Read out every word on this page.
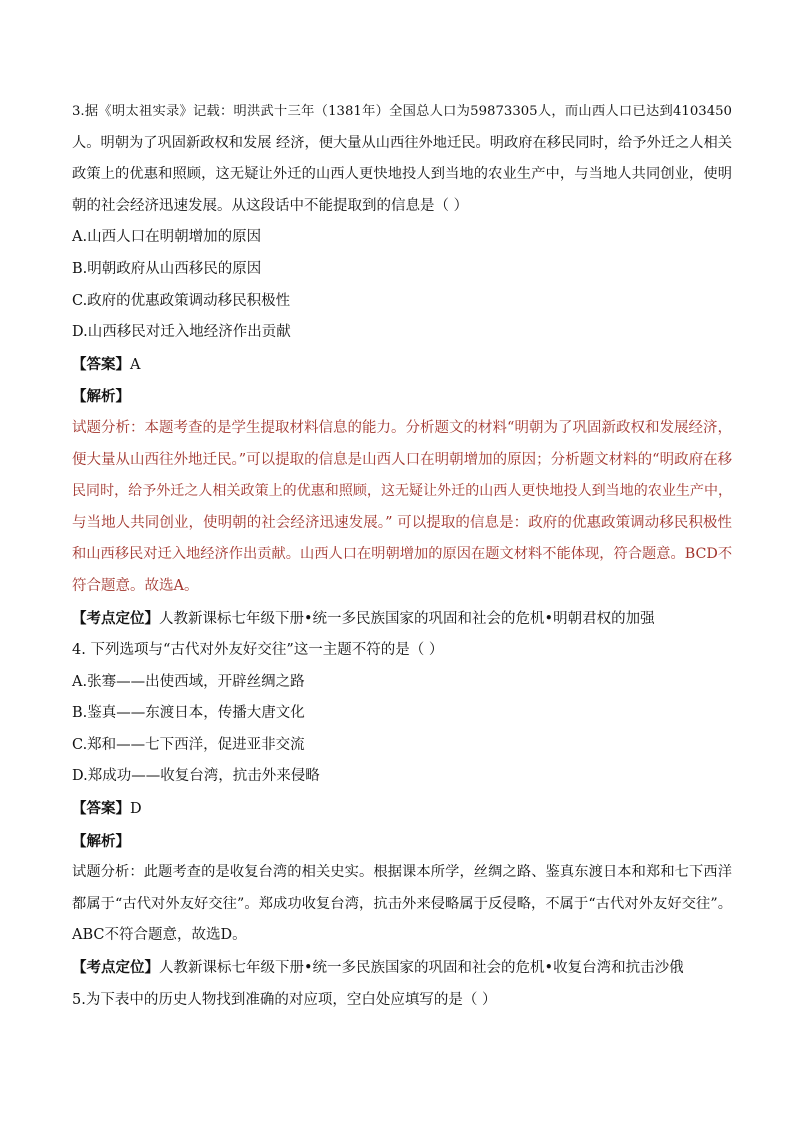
3.据《明太祖实录》记载：明洪武十三年（1381年）全国总人口为59873305人，而山西人口已达到4103450
人。明朝为了巩固新政权和发展 经济，便大量从山西往外地迁民。明政府在移民同时，给予外迁之人相关
政策上的优惠和照顾，这无疑让外迁的山西人更快地投人到当地的农业生产中，与当地人共同创业，使明
朝的社会经济迅速发展。从这段话中不能提取到的信息是（ ）
A.山西人口在明朝增加的原因
B.明朝政府从山西移民的原因
C.政府的优惠政策调动移民积极性
D.山西移民对迁入地经济作出贡献
【答案】A
【解析】
试题分析：本题考查的是学生提取材料信息的能力。分析题文的材料“明朝为了巩固新政权和发展经济，
便大量从山西往外地迁民。”可以提取的信息是山西人口在明朝增加的原因；分析题文材料的“明政府在移
民同时，给予外迁之人相关政策上的优惠和照顾，这无疑让外迁的山西人更快地投人到当地的农业生产中，
与当地人共同创业，使明朝的社会经济迅速发展。” 可以提取的信息是：政府的优惠政策调动移民积极性
和山西移民对迁入地经济作出贡献。山西人口在明朝增加的原因在题文材料不能体现，符合题意。BCD不
符合题意。故选A。
【考点定位】人教新课标七年级下册•统一多民族国家的巩固和社会的危机•明朝君权的加强
4. 下列选项与“古代对外友好交往”这一主题不符的是（ ）
A.张骞——出使西域，开辟丝绸之路
B.鉴真——东渡日本，传播大唐文化
C.郑和——七下西洋，促进亚非交流
D.郑成功——收复台湾，抗击外来侵略
【答案】D
【解析】
试题分析：此题考查的是收复台湾的相关史实。根据课本所学，丝绸之路、鉴真东渡日本和郑和七下西洋
都属于“古代对外友好交往”。郑成功收复台湾，抗击外来侵略属于反侵略，不属于“古代对外友好交往”。
ABC不符合题意，故选D。
【考点定位】人教新课标七年级下册•统一多民族国家的巩固和社会的危机•收复台湾和抗击沙俄
5.为下表中的历史人物找到准确的对应项，空白处应填写的是（ ）
